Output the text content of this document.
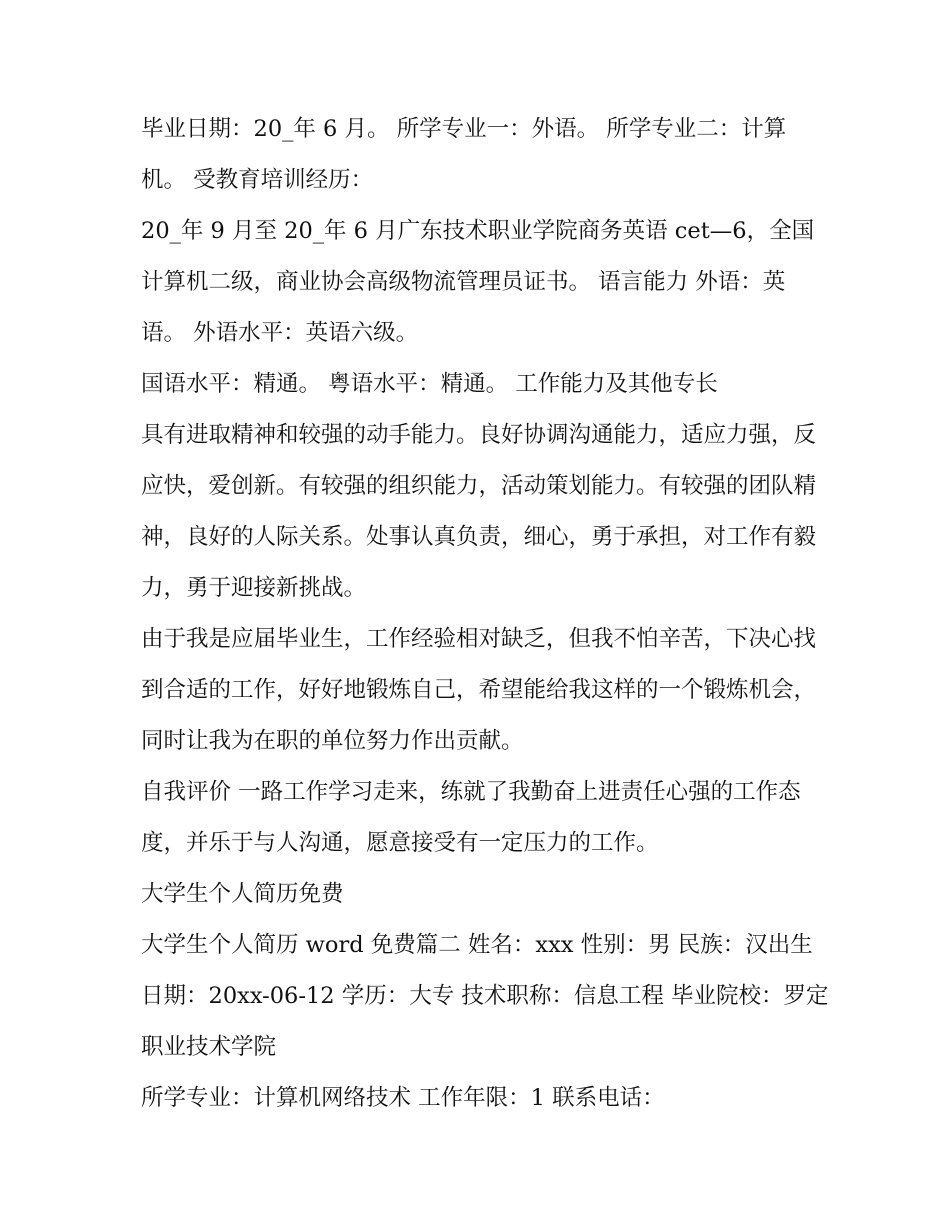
毕业日期：20_年 6 月。 所学专业一：外语。 所学专业二：计算机。 受教育培训经历：

20_年 9 月至 20_年 6 月广东技术职业学院商务英语 cet—6，全国计算机二级，商业协会高级物流管理员证书。 语言能力 外语：英语。 外语水平：英语六级。

国语水平：精通。 粤语水平：精通。 工作能力及其他专长

具有进取精神和较强的动手能力。良好协调沟通能力，适应力强，反应快，爱创新。有较强的组织能力，活动策划能力。有较强的团队精神，良好的人际关系。处事认真负责，细心，勇于承担，对工作有毅力，勇于迎接新挑战。

由于我是应届毕业生，工作经验相对缺乏，但我不怕辛苦，下决心找到合适的工作，好好地锻炼自己，希望能给我这样的一个锻炼机会，同时让我为在职的单位努力作出贡献。

自我评价 一路工作学习走来，练就了我勤奋上进责任心强的工作态度，并乐于与人沟通，愿意接受有一定压力的工作。

大学生个人简历免费

大学生个人简历 word 免费篇二 姓名：xxx 性别：男 民族：汉出生日期：20xx-06-12 学历：大专 技术职称：信息工程 毕业院校：罗定职业技术学院

所学专业：计算机网络技术 工作年限：1 联系电话：
